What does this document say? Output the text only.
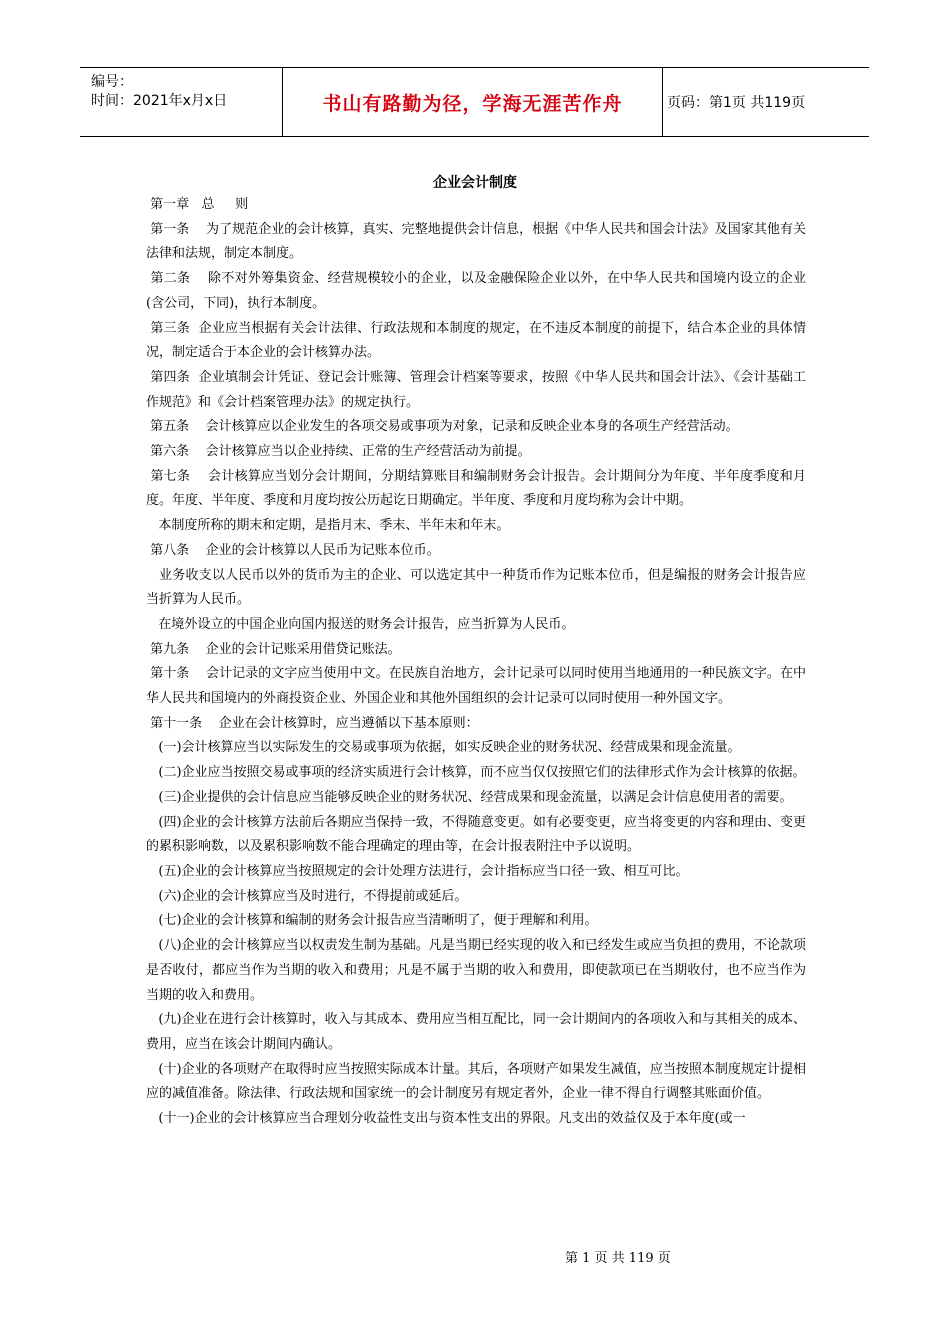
编号：
时间：2021年x月x日	书山有路勤为径，学海无涯苦作舟	页码：第1页 共119页
企业会计制度

第一章   总     则

第一条    为了规范企业的会计核算，真实、完整地提供会计信息，根据《中华人民共和国会计法》及国家其他有关法律和法规，制定本制度。

第二条    除不对外筹集资金、经营规模较小的企业，以及金融保险企业以外，在中华人民共和国境内设立的企业(含公司，下同)，执行本制度。

第三条  企业应当根据有关会计法律、行政法规和本制度的规定，在不违反本制度的前提下，结合本企业的具体情况，制定适合于本企业的会计核算办法。

第四条  企业填制会计凭证、登记会计账簿、管理会计档案等要求，按照《中华人民共和国会计法》、《会计基础工作规范》和《会计档案管理办法》的规定执行。

第五条    会计核算应以企业发生的各项交易或事项为对象，记录和反映企业本身的各项生产经营活动。

第六条    会计核算应当以企业持续、正常的生产经营活动为前提。

第七条    会计核算应当划分会计期间，分期结算账目和编制财务会计报告。会计期间分为年度、半年度季度和月度。年度、半年度、季度和月度均按公历起讫日期确定。半年度、季度和月度均称为会计中期。

本制度所称的期末和定期，是指月末、季末、半年末和年末。

第八条    企业的会计核算以人民币为记账本位币。

业务收支以人民币以外的货币为主的企业、可以选定其中一种货币作为记账本位币，但是编报的财务会计报告应当折算为人民币。

在境外设立的中国企业向国内报送的财务会计报告，应当折算为人民币。

第九条    企业的会计记账采用借贷记账法。

第十条    会计记录的文字应当使用中文。在民族自治地方，会计记录可以同时使用当地通用的一种民族文字。在中华人民共和国境内的外商投资企业、外国企业和其他外国组织的会计记录可以同时使用一种外国文字。

第十一条    企业在会计核算时，应当遵循以下基本原则：

(一)会计核算应当以实际发生的交易或事项为依据，如实反映企业的财务状况、经营成果和现金流量。

(二)企业应当按照交易或事项的经济实质进行会计核算，而不应当仅仅按照它们的法律形式作为会计核算的依据。

(三)企业提供的会计信息应当能够反映企业的财务状况、经营成果和现金流量，以满足会计信息使用者的需要。

(四)企业的会计核算方法前后各期应当保持一致，不得随意变更。如有必要变更，应当将变更的内容和理由、变更的累积影响数，以及累积影响数不能合理确定的理由等，在会计报表附注中予以说明。

(五)企业的会计核算应当按照规定的会计处理方法进行，会计指标应当口径一致、相互可比。

(六)企业的会计核算应当及时进行，不得提前或延后。

(七)企业的会计核算和编制的财务会计报告应当清晰明了，便于理解和利用。

(八)企业的会计核算应当以权责发生制为基础。凡是当期已经实现的收入和已经发生或应当负担的费用，不论款项是否收付，都应当作为当期的收入和费用；凡是不属于当期的收入和费用，即使款项已在当期收付，也不应当作为当期的收入和费用。

(九)企业在进行会计核算时，收入与其成本、费用应当相互配比，同一会计期间内的各项收入和与其相关的成本、费用，应当在该会计期间内确认。

(十)企业的各项财产在取得时应当按照实际成本计量。其后，各项财产如果发生减值，应当按照本制度规定计提相应的减值准备。除法律、行政法规和国家统一的会计制度另有规定者外，企业一律不得自行调整其账面价值。

(十一)企业的会计核算应当合理划分收益性支出与资本性支出的界限。凡支出的效益仅及于本年度(或一

第 1 页 共 119 页
